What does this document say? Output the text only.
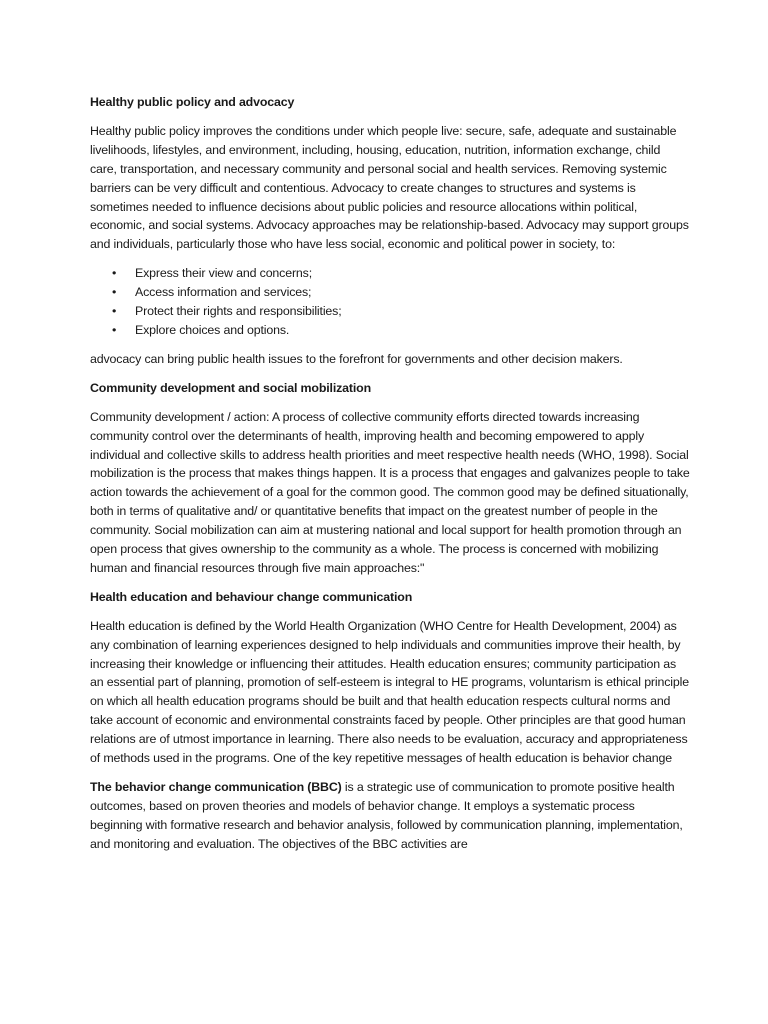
Healthy public policy and advocacy
Healthy public policy improves the conditions under which people live: secure, safe, adequate and sustainable livelihoods, lifestyles, and environment, including, housing, education, nutrition, information exchange, child care, transportation, and necessary community and personal social and health services. Removing systemic barriers can be very difficult and contentious. Advocacy to create changes to structures and systems is sometimes needed to influence decisions about public policies and resource allocations within political, economic, and social systems. Advocacy approaches may be relationship-based. Advocacy may support groups and individuals, particularly those who have less social, economic and political power in society, to:
• Express their view and concerns;
• Access information and services;
• Protect their rights and responsibilities;
• Explore choices and options.
advocacy can bring public health issues to the forefront for governments and other decision makers.
Community development and social mobilization
Community development / action: A process of collective community efforts directed towards increasing community control over the determinants of health, improving health and becoming empowered to apply individual and collective skills to address health priorities and meet respective health needs (WHO, 1998). Social mobilization is the process that makes things happen. It is a process that engages and galvanizes people to take action towards the achievement of a goal for the common good. The common good may be defined situationally, both in terms of qualitative and/ or quantitative benefits that impact on the greatest number of people in the community. Social mobilization can aim at mustering national and local support for health promotion through an open process that gives ownership to the community as a whole. The process is concerned with mobilizing human and financial resources through five main approaches:"
Health education and behaviour change communication
Health education is defined by the World Health Organization (WHO Centre for Health Development, 2004) as any combination of learning experiences designed to help individuals and communities improve their health, by increasing their knowledge or influencing their attitudes. Health education ensures; community participation as an essential part of planning, promotion of self-esteem is integral to HE programs, voluntarism is ethical principle on which all health education programs should be built and that health education respects cultural norms and take account of economic and environmental constraints faced by people. Other principles are that good human relations are of utmost importance in learning. There also needs to be evaluation, accuracy and appropriateness of methods used in the programs. One of the key repetitive messages of health education is behavior change
The behavior change communication (BBC) is a strategic use of communication to promote positive health outcomes, based on proven theories and models of behavior change. It employs a systematic process beginning with formative research and behavior analysis, followed by communication planning, implementation, and monitoring and evaluation. The objectives of the BBC activities are
